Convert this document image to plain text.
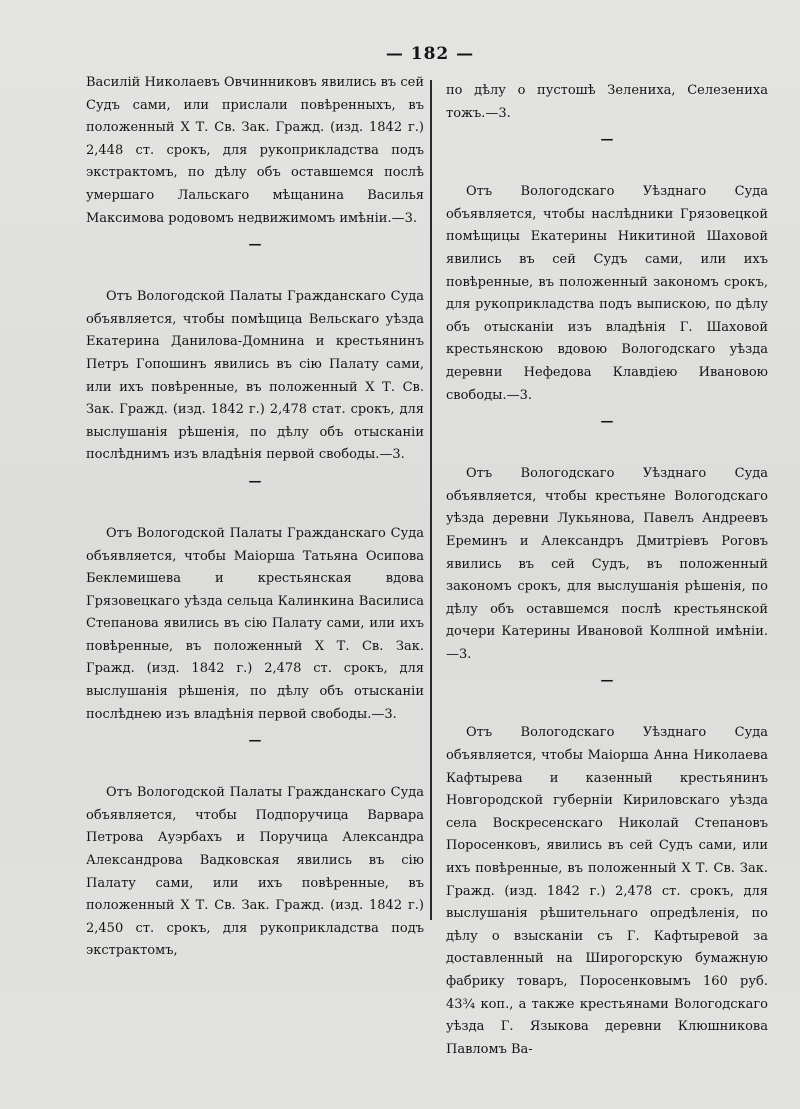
— 182 —

Василій Николаевъ Овчинниковъ явились въ сей Судъ сами, или прислали повѣренныхъ, въ положенный X Т. Св. Зак. Гражд. (изд. 1842 г.) 2,448 ст. срокъ, для рукоприкладства подъ экстрактомъ, по дѣлу объ оставшемся послѣ умершаго Лальскаго мѣщанина Василья Максимова родовомъ недвижимомъ имѣніи.—3.

—

Отъ Вологодской Палаты Гражданскаго Суда объявляется, чтобы помѣщица Вельскаго уѣзда Екатерина Данилова-Домнина и крестьянинъ Петръ Гопошинъ явились въ сію Палату сами, или ихъ повѣренные, въ положенный X Т. Св. Зак. Гражд. (изд. 1842 г.) 2,478 стат. срокъ, для выслушанія рѣшенія, по дѣлу объ отысканіи послѣднимъ изъ владѣнія первой свободы.—3.

—

Отъ Вологодской Палаты Гражданскаго Суда объявляется, чтобы Маіорша Татьяна Осипова Беклемишева и крестьянская вдова Грязовецкаго уѣзда сельца Калинкина Василиса Степанова явились въ сію Палату сами, или ихъ повѣренные, въ положенный X Т. Св. Зак. Гражд. (изд. 1842 г.) 2,478 ст. срокъ, для выслушанія рѣшенія, по дѣлу объ отысканіи послѣднею изъ владѣнія первой свободы.—3.

—

Отъ Вологодской Палаты Гражданскаго Суда объявляется, чтобы Подпоручица Варвара Петрова Ауэрбахъ и Поручица Александра Александрова Вадковская явились въ сію Палату сами, или ихъ повѣренные, въ положенный X Т. Св. Зак. Гражд. (изд. 1842 г.) 2,450 ст. срокъ, для рукоприкладства подъ экстрактомъ,

по дѣлу о пустошѣ Зелениха, Селезениха тожъ.—3.

—

Отъ Вологодскаго Уѣзднаго Суда объявляется, чтобы наслѣдники Грязовецкой помѣщицы Екатерины Никитиной Шаховой явились въ сей Судъ сами, или ихъ повѣренные, въ положенный закономъ срокъ, для рукоприкладства подъ выпискою, по дѣлу объ отысканіи изъ владѣнія Г. Шаховой крестьянскою вдовою Вологодскаго уѣзда деревни Нефедова Клавдіею Ивановою свободы.—3.

—

Отъ Вологодскаго Уѣзднаго Суда объявляется, чтобы крестьяне Вологодскаго уѣзда деревни Лукьянова, Павелъ Андреевъ Ереминъ и Александръ Дмитріевъ Роговъ явились въ сей Судъ, въ положенный закономъ срокъ, для выслушанія рѣшенія, по дѣлу объ оставшемся послѣ крестьянской дочери Катерины Ивановой Колпной имѣніи.—3.

—

Отъ Вологодскаго Уѣзднаго Суда объявляется, чтобы Маіорша Анна Николаева Кафтырева и казенный крестьянинъ Новгородской губерніи Кириловскаго уѣзда села Воскресенскаго Николай Степановъ Поросенковъ, явились въ сей Судъ сами, или ихъ повѣренные, въ положенный X Т. Св. Зак. Гражд. (изд. 1842 г.) 2,478 ст. срокъ, для выслушанія рѣшительнаго опредѣленія, по дѣлу о взысканіи съ Г. Кафтыревой за доставленный на Широгорскую бумажную фабрику товаръ, Поросенковымъ 160 руб. 43¾ коп., а также крестьянами Вологодскаго уѣзда Г. Языкова деревни Клюшникова Павломъ Ва-
